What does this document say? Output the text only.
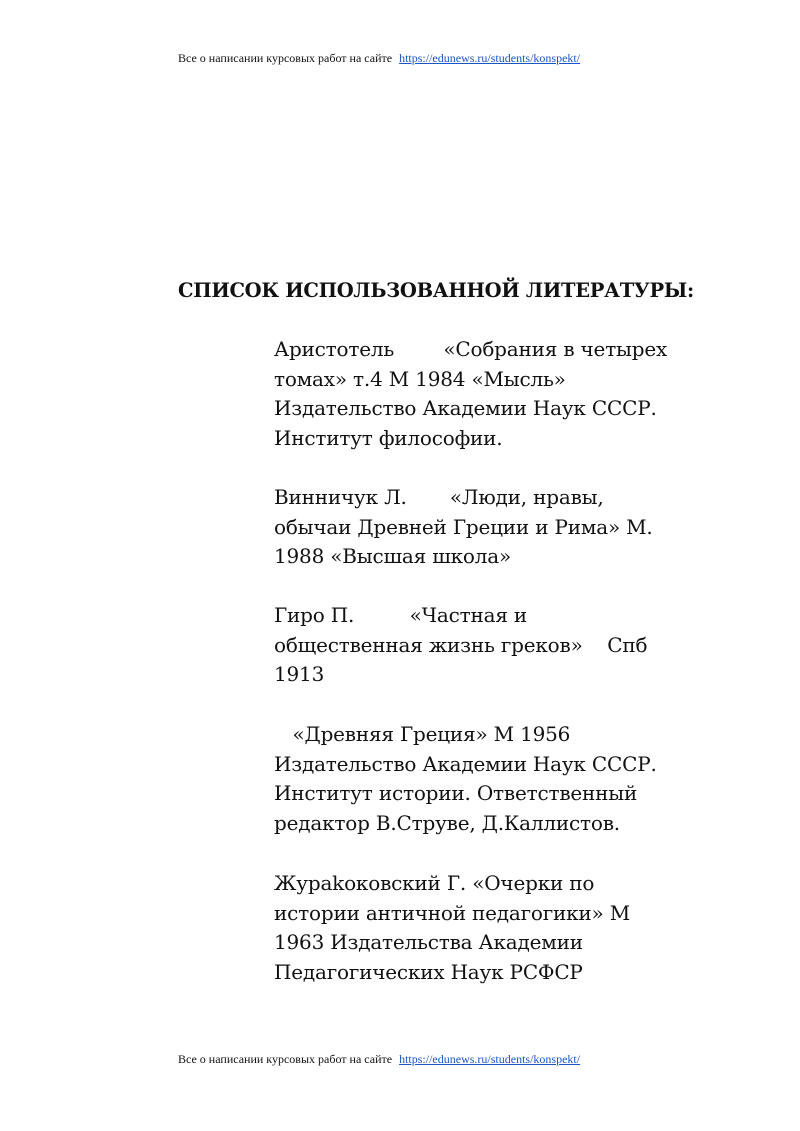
Все о написании курсовых работ на сайте https://edunews.ru/students/konspekt/
СПИСОК ИСПОЛЬЗОВАННОЙ ЛИТЕРАТУРЫ:
Аристотель        «Собрания в четырех
томах» т.4 М 1984 «Мысль»
Издательство Академии Наук СССР.
Институт философии.
Винничук Л.       «Люди, нравы,
обычаи Древней Греции и Рима» М.
1988 «Высшая школа»
Гиро П.         «Частная и
общественная жизнь греков»    Спб
1913
«Древняя Греция» М 1956
Издательство Академии Наук СССР.
Институт истории. Ответственный
редактор В.Струве, Д.Каллистов.
Жураkоковский Г. «Очерки по
истории античной педагогики» М
1963 Издательства Академии
Педагогических Наук РСФСР
Все о написании курсовых работ на сайте https://edunews.ru/students/konspekt/
